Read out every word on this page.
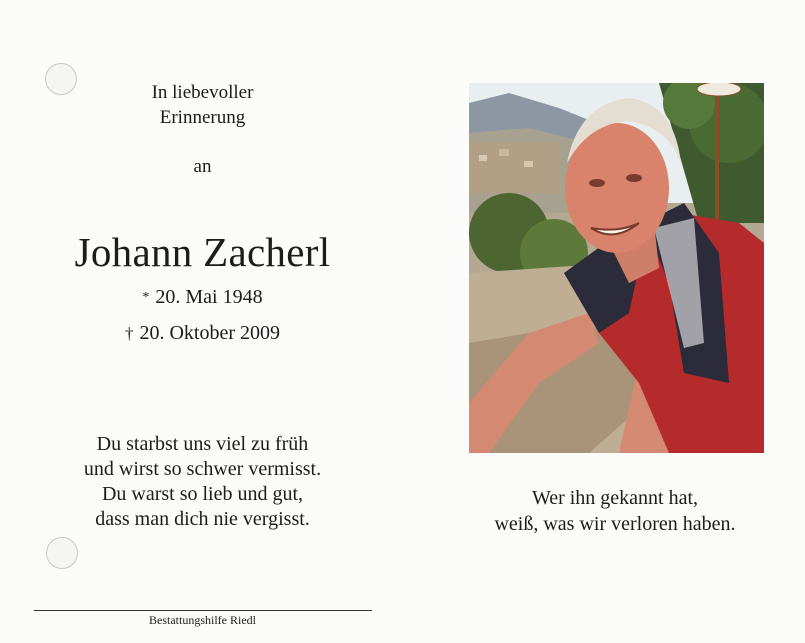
In liebevoller
Erinnerung
an
Johann Zacherl
* 20. Mai 1948
† 20. Oktober 2009
Du starbst uns viel zu früh
und wirst so schwer vermisst.
Du warst so lieb und gut,
dass man dich nie vergisst.
Bestattungshilfe Riedl
Wer ihn gekannt hat,
weiß, was wir verloren haben.
